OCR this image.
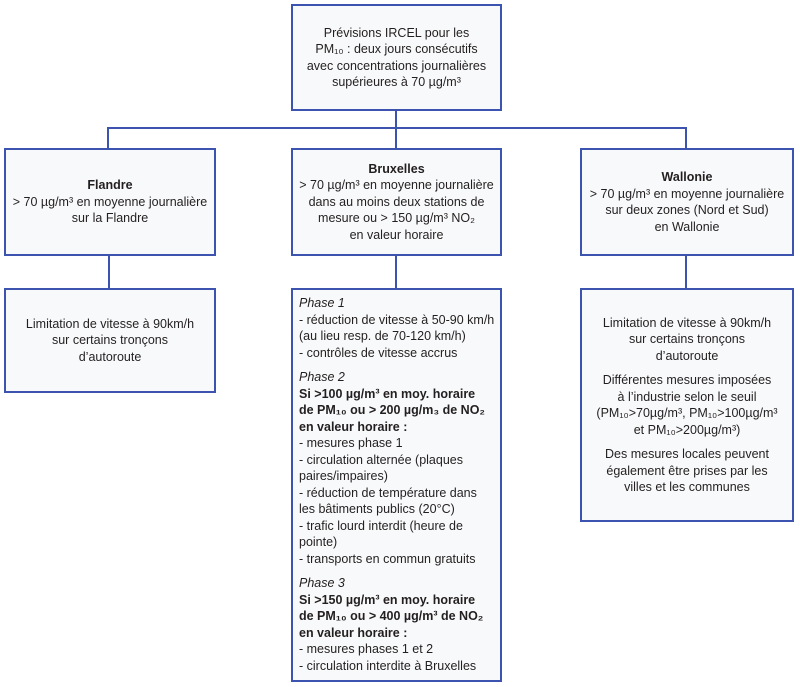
Prévisions IRCEL pour les
PM₁₀ : deux jours consécutifs
avec concentrations journalières
supérieures à 70 µg/m³
Flandre
> 70 µg/m³ en moyenne journalière
sur la Flandre
Bruxelles
> 70 µg/m³ en moyenne journalière
dans au moins deux stations de
mesure ou > 150 µg/m³ NO₂
en valeur horaire
Wallonie
> 70 µg/m³ en moyenne journalière
sur deux zones (Nord et Sud)
en Wallonie
Limitation de vitesse à 90km/h
sur certains tronçons
d’autoroute
Phase 1
- réduction de vitesse à 50-90 km/h
(au lieu resp. de 70-120 km/h)
- contrôles de vitesse accrus
Phase 2
Si >100 µg/m³ en moy. horaire
de PM₁₀ ou > 200 µg/m₃ de NO₂
en valeur horaire :
- mesures phase 1
- circulation alternée (plaques
paires/impaires)
- réduction de température dans
les bâtiments publics (20°C)
- trafic lourd interdit (heure de
pointe)
- transports en commun gratuits
Phase 3
Si >150 µg/m³ en moy. horaire
de PM₁₀ ou > 400 µg/m³ de NO₂
en valeur horaire :
- mesures phases 1 et 2
- circulation interdite à Bruxelles
Limitation de vitesse à 90km/h
sur certains tronçons
d’autoroute
Différentes mesures imposées
à l’industrie selon le seuil
(PM₁₀>70µg/m³, PM₁₀>100µg/m³
et PM₁₀>200µg/m³)
Des mesures locales peuvent
également être prises par les
villes et les communes
